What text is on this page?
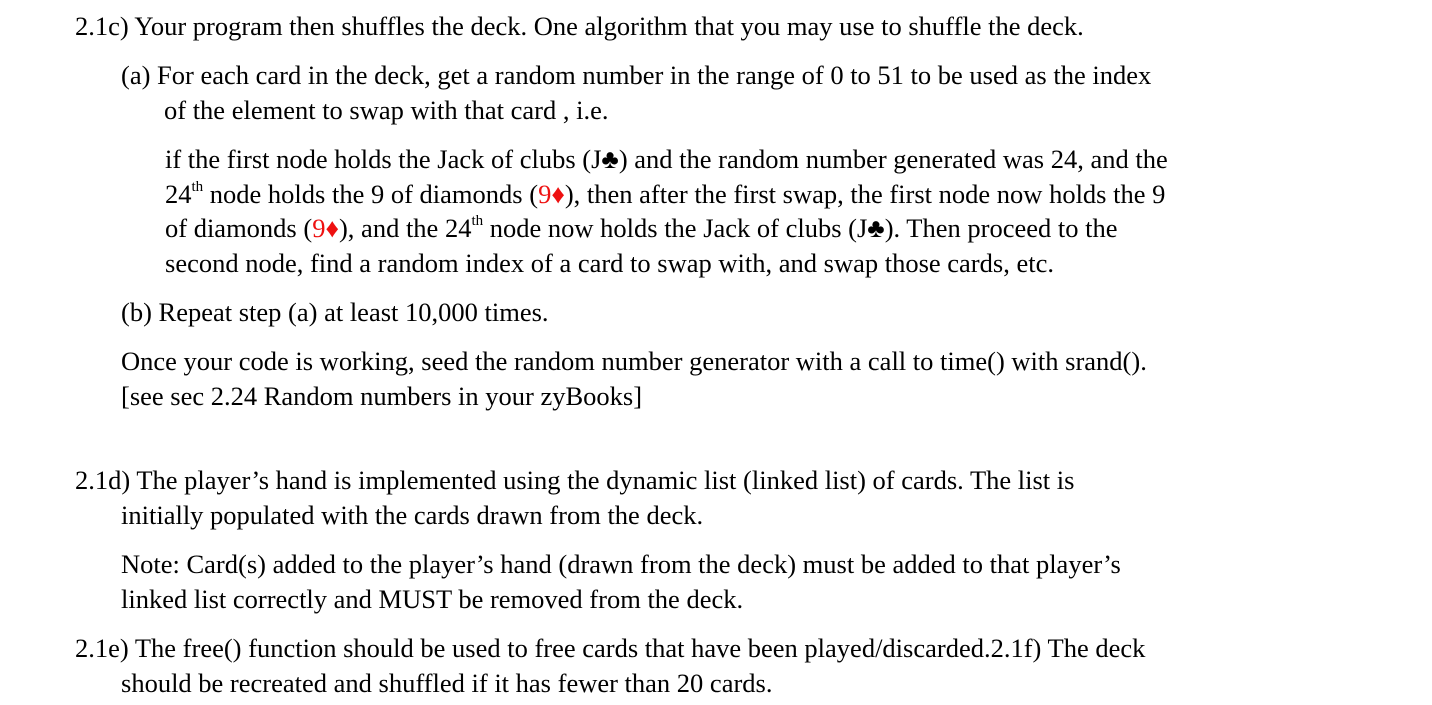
2.1c) Your program then shuffles the deck. One algorithm that you may use to shuffle the deck.
(a) For each card in the deck, get a random number in the range of 0 to 51 to be used as the index
of the element to swap with that card , i.e.
if the first node holds the Jack of clubs (J♣) and the random number generated was 24, and the
24th node holds the 9 of diamonds (9♦), then after the first swap, the first node now holds the 9
of diamonds (9♦), and the 24th node now holds the Jack of clubs (J♣). Then proceed to the
second node, find a random index of a card to swap with, and swap those cards, etc.
(b) Repeat step (a) at least 10,000 times.
Once your code is working, seed the random number generator with a call to time() with srand().
[see sec 2.24 Random numbers in your zyBooks]
2.1d) The player’s hand is implemented using the dynamic list (linked list) of cards. The list is
initially populated with the cards drawn from the deck.
Note: Card(s) added to the player’s hand (drawn from the deck) must be added to that player’s
linked list correctly and MUST be removed from the deck.
2.1e) The free() function should be used to free cards that have been played/discarded.2.1f) The deck
should be recreated and shuffled if it has fewer than 20 cards.
